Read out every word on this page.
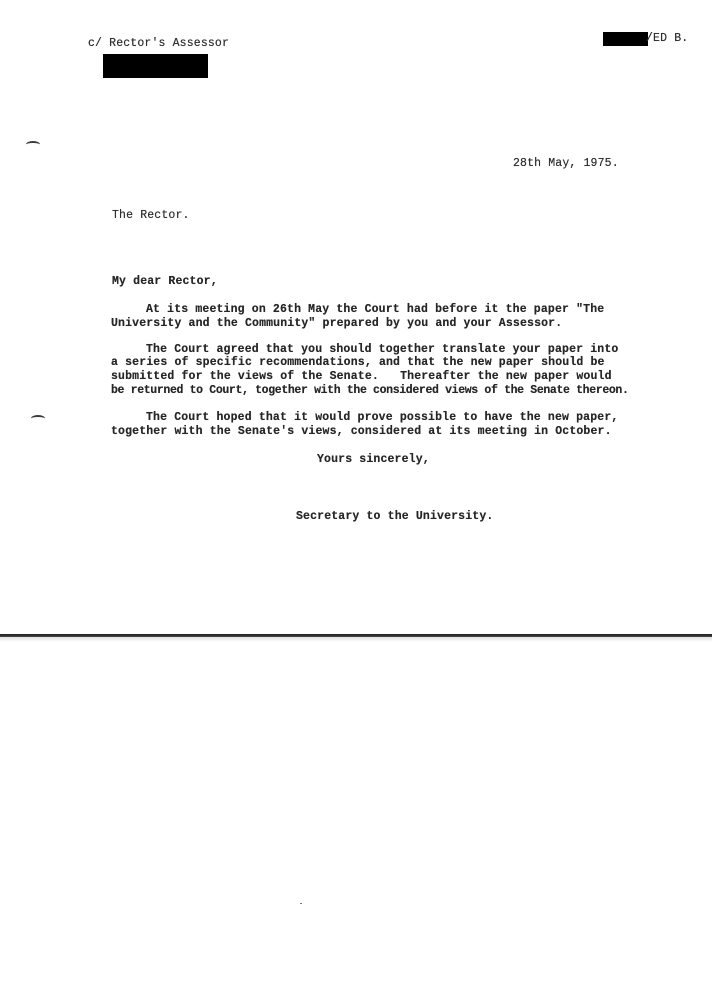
c/ Rector's Assessor	/ED B.
28th May, 1975.
The Rector.
My dear Rector,
At its meeting on 26th May the Court had before it the paper "The
University and the Community" prepared by you and your Assessor.
The Court agreed that you should together translate your paper into
a series of specific recommendations, and that the new paper should be
submitted for the views of the Senate.   Thereafter the new paper would
be returned to Court, together with the considered views of the Senate thereon.
The Court hoped that it would prove possible to have the new paper,
together with the Senate's views, considered at its meeting in October.
Yours sincerely,
Secretary to the University.
